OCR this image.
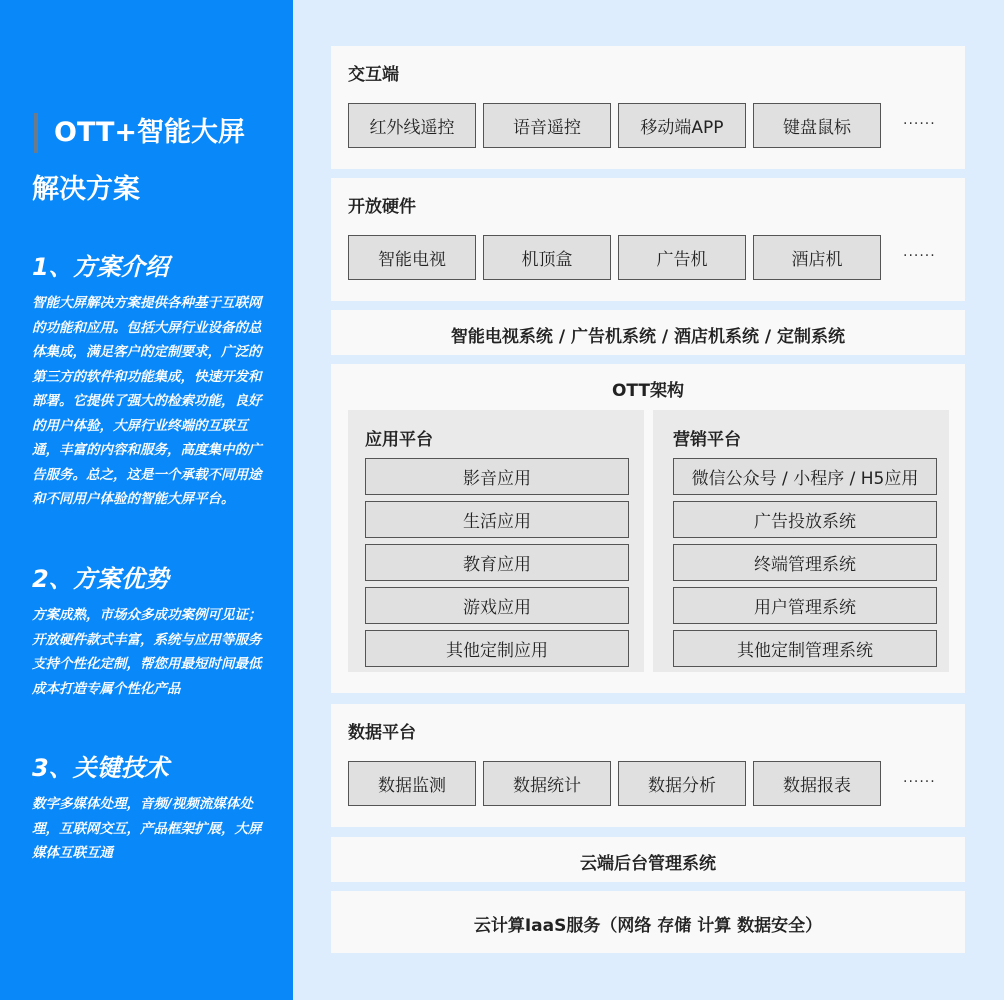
OTT+智能大屏
解决方案
1、方案介绍
智能大屏解决方案提供各种基于互联网的功能和应用。包括大屏行业设备的总体集成，满足客户的定制要求，广泛的第三方的软件和功能集成，快速开发和部署。它提供了强大的检索功能，良好的用户体验，大屏行业终端的互联互通，丰富的内容和服务，高度集中的广告服务。总之，这是一个承载不同用途和不同用户体验的智能大屏平台。
2、方案优势
方案成熟，市场众多成功案例可见证；开放硬件款式丰富，系统与应用等服务支持个性化定制，帮您用最短时间最低成本打造专属个性化产品
3、关键技术
数字多媒体处理，音频/视频流媒体处理，互联网交互，产品框架扩展，大屏媒体互联互通
交互端
红外线遥控	语音遥控	移动端APP	键盘鼠标	······
开放硬件
智能电视	机顶盒	广告机	酒店机	······
智能电视系统 / 广告机系统 / 酒店机系统 / 定制系统
OTT架构
应用平台
影音应用
生活应用
教育应用
游戏应用
其他定制应用
营销平台
微信公众号 / 小程序 / H5应用
广告投放系统
终端管理系统
用户管理系统
其他定制管理系统
数据平台
数据监测	数据统计	数据分析	数据报表	······
云端后台管理系统
云计算IaaS服务（网络 存储 计算 数据安全）
